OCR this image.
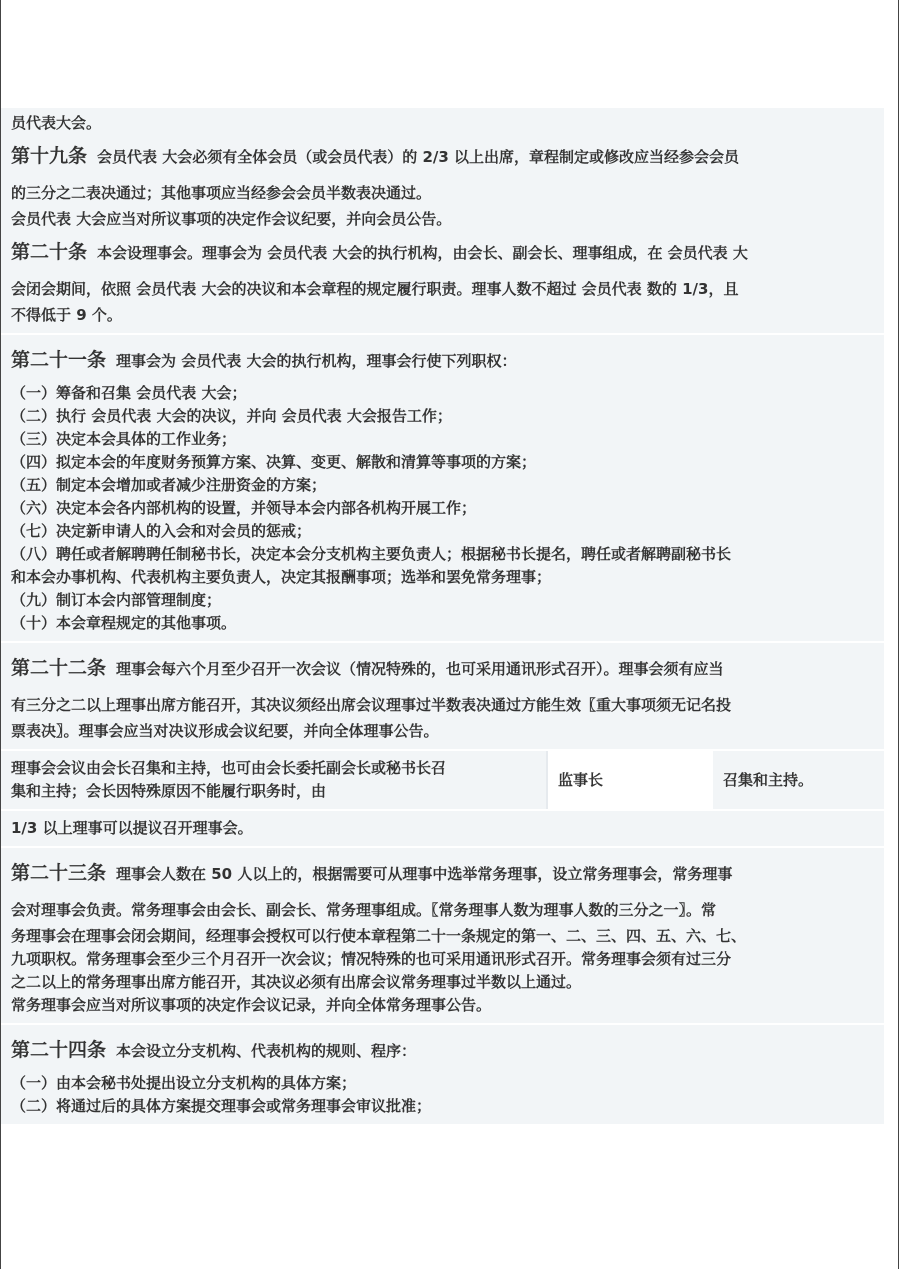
员代表大会。

第十九条 会员代表 大会必须有全体会员（或会员代表）的 2/3 以上出席，章程制定或修改应当经参会会员

的三分之二表决通过；其他事项应当经参会会员半数表决通过。

会员代表 大会应当对所议事项的决定作会议纪要，并向会员公告。

第二十条 本会设理事会。理事会为 会员代表 大会的执行机构，由会长、副会长、理事组成，在 会员代表 大

会闭会期间，依照 会员代表 大会的决议和本会章程的规定履行职责。理事人数不超过 会员代表 数的 1/3，且

不得低于 9 个。

第二十一条 理事会为 会员代表 大会的执行机构，理事会行使下列职权：

（一）筹备和召集 会员代表 大会；

（二）执行 会员代表 大会的决议，并向 会员代表 大会报告工作；

（三）决定本会具体的工作业务；

（四）拟定本会的年度财务预算方案、决算、变更、解散和清算等事项的方案；

（五）制定本会增加或者减少注册资金的方案；

（六）决定本会各内部机构的设置，并领导本会内部各机构开展工作；

（七）决定新申请人的入会和对会员的惩戒；

（八）聘任或者解聘聘任制秘书长，决定本会分支机构主要负责人；根据秘书长提名，聘任或者解聘副秘书长

和本会办事机构、代表机构主要负责人，决定其报酬事项；选举和罢免常务理事；

（九）制订本会内部管理制度；

（十）本会章程规定的其他事项。

第二十二条 理事会每六个月至少召开一次会议（情况特殊的，也可采用通讯形式召开）。理事会须有应当

有三分之二以上理事出席方能召开，其决议须经出席会议理事过半数表决通过方能生效〖重大事项须无记名投

票表决〗。理事会应当对决议形成会议纪要，并向全体理事公告。

理事会会议由会长召集和主持，也可由会长委托副会长或秘书长召
集和主持；会长因特殊原因不能履行职务时，由
监事长	召集和主持。

1/3 以上理事可以提议召开理事会。

第二十三条 理事会人数在 50 人以上的，根据需要可从理事中选举常务理事，设立常务理事会，常务理事

会对理事会负责。常务理事会由会长、副会长、常务理事组成。〖常务理事人数为理事人数的三分之一〗。常

务理事会在理事会闭会期间，经理事会授权可以行使本章程第二十一条规定的第一、二、三、四、五、六、七、

九项职权。常务理事会至少三个月召开一次会议；情况特殊的也可采用通讯形式召开。常务理事会须有过三分

之二以上的常务理事出席方能召开，其决议必须有出席会议常务理事过半数以上通过。

常务理事会应当对所议事项的决定作会议记录，并向全体常务理事公告。

第二十四条 本会设立分支机构、代表机构的规则、程序：

（一）由本会秘书处提出设立分支机构的具体方案；

（二）将通过后的具体方案提交理事会或常务理事会审议批准；
